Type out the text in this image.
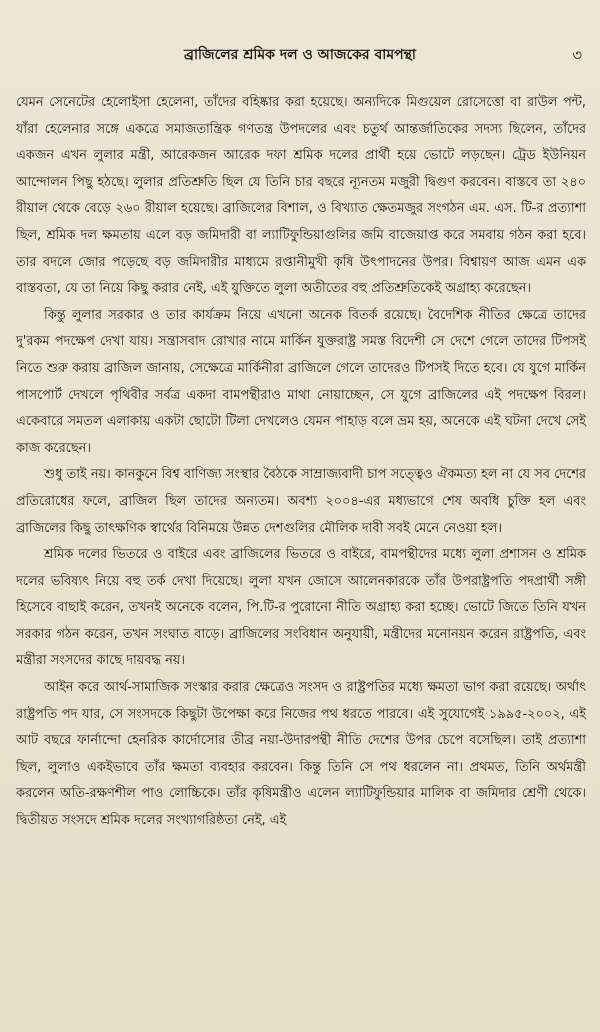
ব্রাজিলের শ্রমিক দল ও আজকের বামপন্থা	৩

যেমন সেনেটের হেলোইসা হেলেনা, তাঁদের বহিষ্কার করা হয়েছে। অন্যদিকে মিগুয়েল রোসেত্তো বা রাউল পন্ট, যাঁরা হেলেনার সঙ্গে একত্রে সমাজতান্ত্রিক গণতন্ত্র উপদলের এবং চতুর্থ আন্তর্জাতিকের সদস্য ছিলেন, তাঁদের একজন এখন লুলার মন্ত্রী, আরেকজন আরেক দফা শ্রমিক দলের প্রার্থী হয়ে ভোটে লড়ছেন। ট্রেড ইউনিয়ন আন্দোলন পিছু হঠছে। লুলার প্রতিশ্রুতি ছিল যে তিনি চার বছরে ন্যূনতম মজুরী দ্বিগুণ করবেন। বাস্তবে তা ২৪০ রীয়াল থেকে বেড়ে ২৬০ রীয়াল হয়েছে। ব্রাজিলের বিশাল, ও বিখ্যাত ক্ষেতমজুর সংগঠন এম. এস. টি-র প্রত্যাশা ছিল, শ্রমিক দল ক্ষমতায় এলে বড় জমিদারী বা ল্যাটিফুন্ডিয়াগুলির জমি বাজেয়াপ্ত করে সমবায় গঠন করা হবে। তার বদলে জোর পড়েছে বড় জমিদারীর মাধ্যমে রপ্তানীমুখী কৃষি উৎপাদনের উপর। বিশ্বায়ণ আজ এমন এক বাস্তবতা, যে তা নিয়ে কিছু করার নেই, এই যুক্তিতে লুলা অতীতের বহু প্রতিশ্রুতিকেই অগ্রাহ্য করেছেন।

কিন্তু লুলার সরকার ও তার কার্যক্রম নিয়ে এখনো অনেক বিতর্ক রয়েছে। বৈদেশিক নীতির ক্ষেত্রে তাদের দু'রকম পদক্ষেপ দেখা যায়। সন্ত্রাসবাদ রোখার নামে মার্কিন যুক্তরাষ্ট্র সমস্ত বিদেশী সে দেশে গেলে তাদের টিপসই নিতে শুরু করায় ব্রাজিল জানায়, সেক্ষেত্রে মার্কিনীরা ব্রাজিলে গেলে তাদেরও টিপসই দিতে হবে। যে যুগে মার্কিন পাসপোর্ট দেখলে পৃথিবীর সর্বত্র একদা বামপন্থীরাও মাথা নোয়াচ্ছেন, সে যুগে ব্রাজিলের এই পদক্ষেপ বিরল। একেবারে সমতল এলাকায় একটা ছোটো টিলা দেখলেও যেমন পাহাড় বলে ভ্রম হয়, অনেকে এই ঘটনা দেখে সেই কাজ করেছেন।

শুধু তাই নয়। কানকুনে বিশ্ব বাণিজ্য সংস্থার বৈঠকে সাম্রাজ্যবাদী চাপ সত্ত্বেও ঐকমত্য হল না যে সব দেশের প্রতিরোধের ফলে, ব্রাজিল ছিল তাদের অন্যতম। অবশ্য ২০০৪-এর মধ্যভাগে শেষ অবধি চুক্তি হল এবং ব্রাজিলের কিছু তাৎক্ষণিক স্বার্থের বিনিময়ে উন্নত দেশগুলির মৌলিক দাবী সবই মেনে নেওয়া হল।

শ্রমিক দলের ভিতরে ও বাইরে এবং ব্রাজিলের ভিতরে ও বাইরে, বামপন্থীদের মধ্যে লুলা প্রশাসন ও শ্রমিক দলের ভবিষ্যৎ নিয়ে বহু তর্ক দেখা দিয়েছে। লুলা যখন জোসে আলেনকারকে তাঁর উপরাষ্ট্রপতি পদপ্রার্থী সঙ্গী হিসেবে বাছাই করেন, তখনই অনেকে বলেন, পি.টি-র পুরোনো নীতি অগ্রাহ্য করা হচ্ছে। ভোটে জিতে তিনি যখন সরকার গঠন করেন, তখন সংঘাত বাড়ে। ব্রাজিলের সংবিধান অনুযায়ী, মন্ত্রীদের মনোনয়ন করেন রাষ্ট্রপতি, এবং মন্ত্রীরা সংসদের কাছে দায়বদ্ধ নয়।

আইন করে আর্থ-সামাজিক সংস্কার করার ক্ষেত্রেও সংসদ ও রাষ্ট্রপতির মধ্যে ক্ষমতা ভাগ করা রয়েছে। অর্থাৎ রাষ্ট্রপতি পদ যার, সে সংসদকে কিছুটা উপেক্ষা করে নিজের পথ ধরতে পারবে। এই সুযোগেই ১৯৯৫-২০০২, এই আট বছরে ফার্নান্দো হেনরিক কার্দোসোর তীব্র নয়া-উদারপন্থী নীতি দেশের উপর চেপে বসেছিল। তাই প্রত্যাশা ছিল, লুলাও একইভাবে তাঁর ক্ষমতা ব্যবহার করবেন। কিন্তু তিনি সে পথ ধরলেন না। প্রথমত, তিনি অর্থমন্ত্রী করলেন অতি-রক্ষণশীল পাও লোচ্চিকে। তাঁর কৃষিমন্ত্রীও এলেন ল্যাটিফুন্ডিয়ার মালিক বা জমিদার শ্রেণী থেকে। দ্বিতীয়ত সংসদে শ্রমিক দলের সংখ্যাগরিষ্ঠতা নেই, এই
